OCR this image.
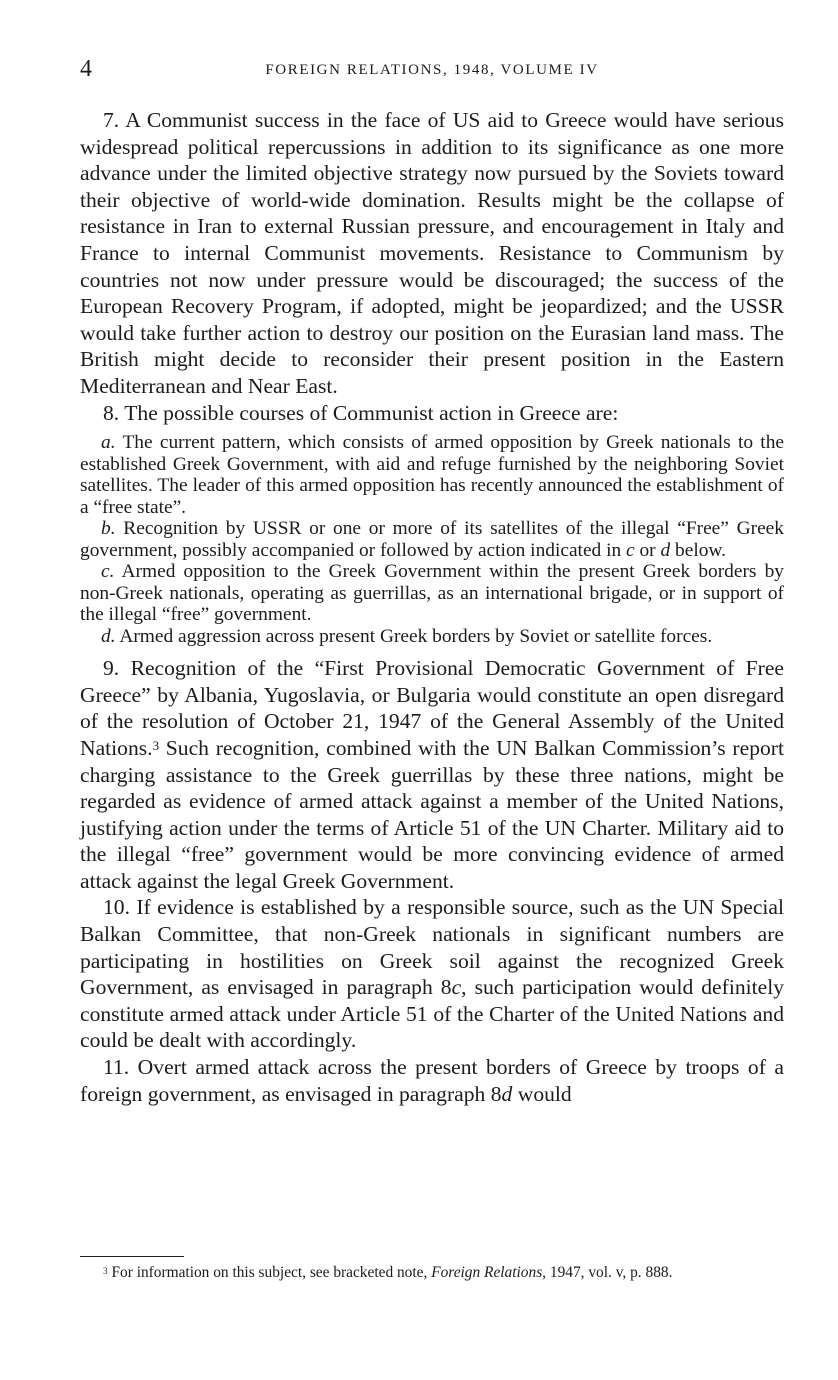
4	FOREIGN RELATIONS, 1948, VOLUME IV

7. A Communist success in the face of US aid to Greece would have serious widespread political repercussions in addition to its significance as one more advance under the limited objective strategy now pursued by the Soviets toward their objective of world-wide domination. Results might be the collapse of resistance in Iran to external Russian pressure, and encouragement in Italy and France to internal Communist movements. Resistance to Communism by countries not now under pressure would be discouraged; the success of the European Recovery Program, if adopted, might be jeopardized; and the USSR would take further action to destroy our position on the Eurasian land mass. The British might decide to reconsider their present position in the Eastern Mediterranean and Near East.

8. The possible courses of Communist action in Greece are:

a. The current pattern, which consists of armed opposition by Greek nationals to the established Greek Government, with aid and refuge furnished by the neighboring Soviet satellites. The leader of this armed opposition has recently announced the establishment of a “free state”.

b. Recognition by USSR or one or more of its satellites of the illegal “Free” Greek government, possibly accompanied or followed by action indicated in c or d below.

c. Armed opposition to the Greek Government within the present Greek borders by non-Greek nationals, operating as guerrillas, as an international brigade, or in support of the illegal “free” government.

d. Armed aggression across present Greek borders by Soviet or satellite forces.

9. Recognition of the “First Provisional Democratic Government of Free Greece” by Albania, Yugoslavia, or Bulgaria would constitute an open disregard of the resolution of October 21, 1947 of the General Assembly of the United Nations.$^3$ Such recognition, combined with the UN Balkan Commission’s report charging assistance to the Greek guerrillas by these three nations, might be regarded as evidence of armed attack against a member of the United Nations, justifying action under the terms of Article 51 of the UN Charter. Military aid to the illegal “free” government would be more convincing evidence of armed attack against the legal Greek Government.

10. If evidence is established by a responsible source, such as the UN Special Balkan Committee, that non-Greek nationals in significant numbers are participating in hostilities on Greek soil against the recognized Greek Government, as envisaged in paragraph 8c, such participation would definitely constitute armed attack under Article 51 of the Charter of the United Nations and could be dealt with accordingly.

11. Overt armed attack across the present borders of Greece by troops of a foreign government, as envisaged in paragraph 8d would

$^3$ For information on this subject, see bracketed note, Foreign Relations, 1947, vol. v, p. 888.
